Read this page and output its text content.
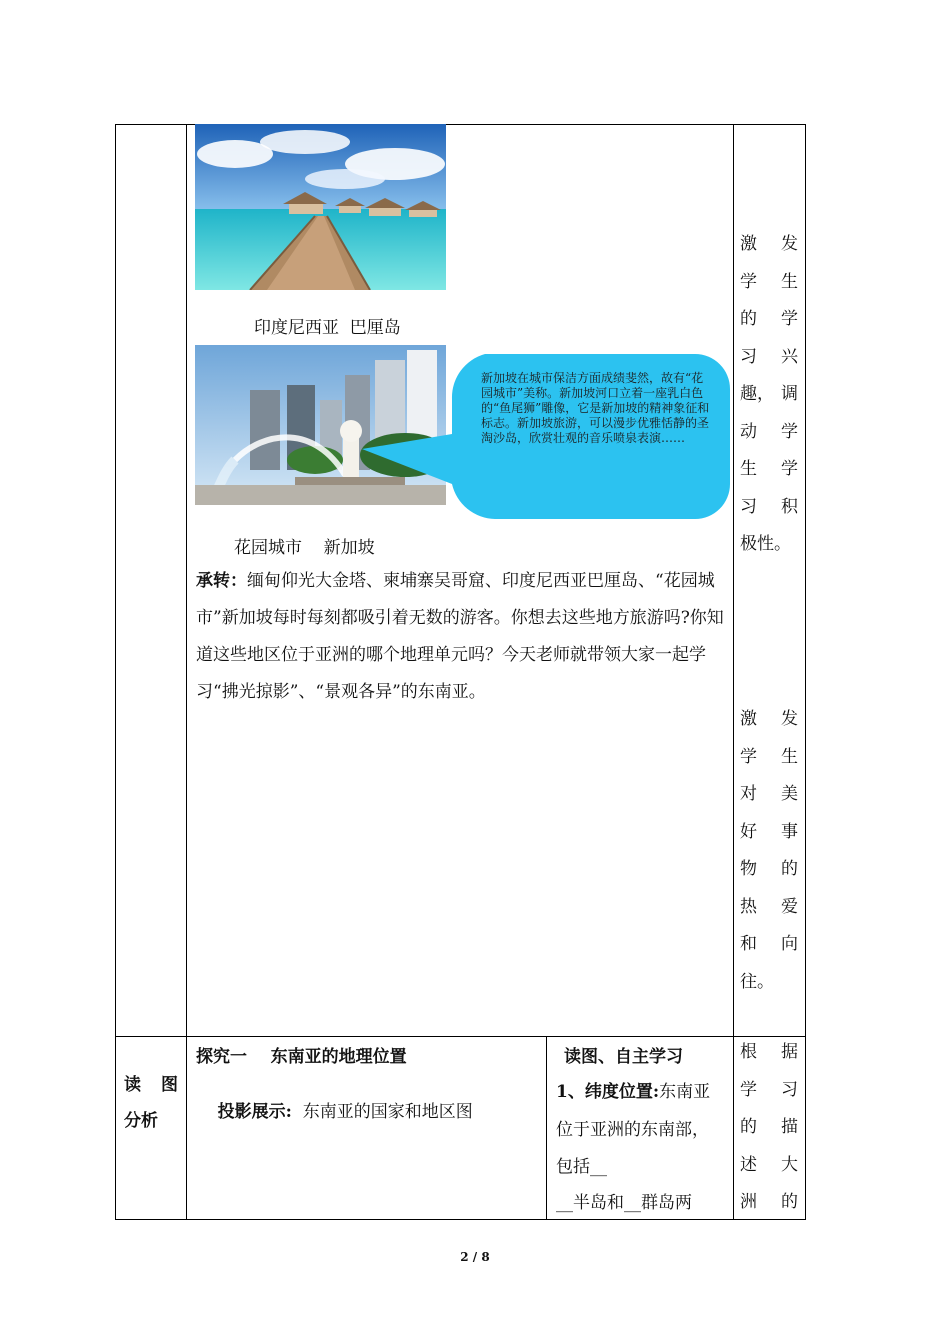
印度尼西亚  巴厘岛
花园城市    新加坡
新加坡在城市保洁方面成绩斐然，故有“花园城市”美称。新加坡河口立着一座乳白色的“鱼尾狮”雕像，它是新加坡的精神象征和标志。新加坡旅游，可以漫步优雅恬静的圣淘沙岛，欣赏壮观的音乐喷泉表演……
承转：缅甸仰光大金塔、柬埔寨吴哥窟、印度尼西亚巴厘岛、“花园城市”新加坡每时每刻都吸引着无数的游客。你想去这些地方旅游吗?你知道这些地区位于亚洲的哪个地理单元吗？今天老师就带领大家一起学习“拂光掠影”、“景观各异”的东南亚。
激 发
学 生
的 学
习 兴
趣， 调
动 学
生 学
习 积
极性。
激 发
学 生
对 美
好 事
物 的
热 爱
和 向
往。
读 图
分析
探究一    东南亚的地理位置

投影展示:  东南亚的国家和地区图

读图、自主学习
1、纬度位置:东南亚
位于亚洲的东南部，
包括__
__半岛和__群岛两
根 据
学 习
的 描
述 大
洲 的
2 / 8
